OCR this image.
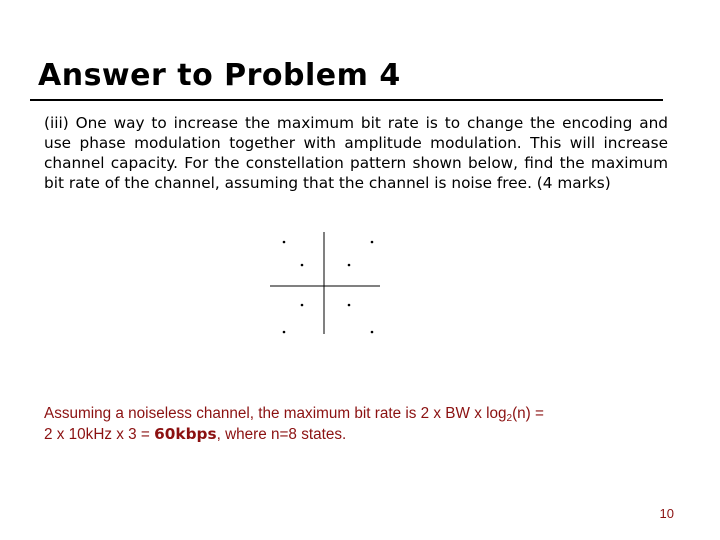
Answer to Problem 4
(iii) One way to increase the maximum bit rate is to change the encoding and use phase modulation together with amplitude modulation. This will increase channel capacity. For the constellation pattern shown below, find the maximum bit rate of the channel, assuming that the channel is noise free. (4 marks)
Assuming a noiseless channel, the maximum bit rate is 2 x BW x $\log_2(n)$ =
2 x 10kHz x 3 = 60kbps, where n=8 states.
10
